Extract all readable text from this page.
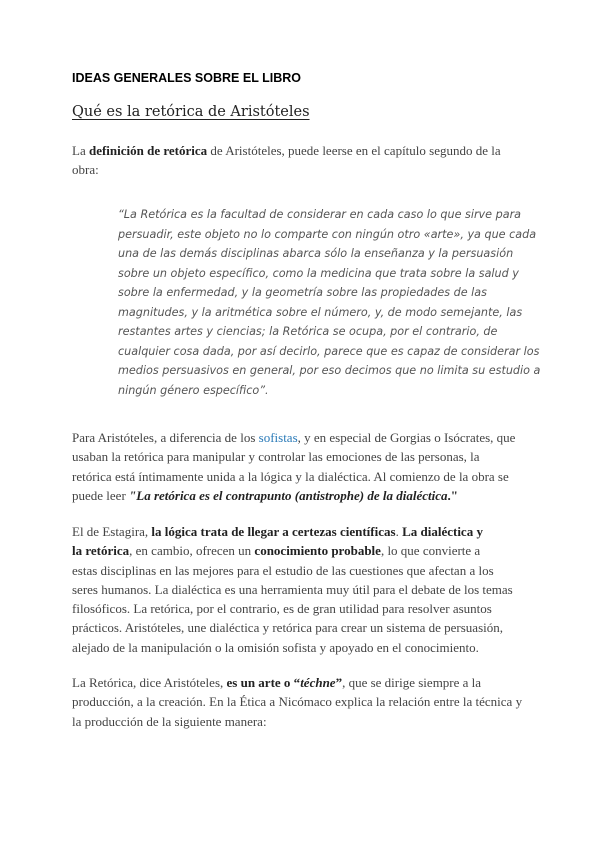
IDEAS GENERALES SOBRE EL LIBRO
Qué es la retórica de Aristóteles

La definición de retórica de Aristóteles, puede leerse en el capítulo segundo de la
obra:

“La Retórica es la facultad de considerar en cada caso lo que sirve para
persuadir, este objeto no lo comparte con ningún otro «arte», ya que cada
una de las demás disciplinas abarca sólo la enseñanza y la persuasión
sobre un objeto específico, como la medicina que trata sobre la salud y
sobre la enfermedad, y la geometría sobre las propiedades de las
magnitudes, y la aritmética sobre el número, y, de modo semejante, las
restantes artes y ciencias; la Retórica se ocupa, por el contrario, de
cualquier cosa dada, por así decirlo, parece que es capaz de considerar los
medios persuasivos en general, por eso decimos que no limita su estudio a
ningún género específico”.

Para Aristóteles, a diferencia de los sofistas, y en especial de Gorgias o Isócrates, que
usaban la retórica para manipular y controlar las emociones de las personas, la
retórica está íntimamente unida a la lógica y la dialéctica. Al comienzo de la obra se
puede leer "La retórica es el contrapunto (antistrophe) de la dialéctica."

El de Estagira, la lógica trata de llegar a certezas científicas. La dialéctica y
la retórica, en cambio, ofrecen un conocimiento probable, lo que convierte a
estas disciplinas en las mejores para el estudio de las cuestiones que afectan a los
seres humanos. La dialéctica es una herramienta muy útil para el debate de los temas
filosóficos. La retórica, por el contrario, es de gran utilidad para resolver asuntos
prácticos. Aristóteles, une dialéctica y retórica para crear un sistema de persuasión,
alejado de la manipulación o la omisión sofista y apoyado en el conocimiento.

La Retórica, dice Aristóteles, es un arte o “téchne”, que se dirige siempre a la
producción, a la creación. En la Ética a Nicómaco explica la relación entre la técnica y
la producción de la siguiente manera:
